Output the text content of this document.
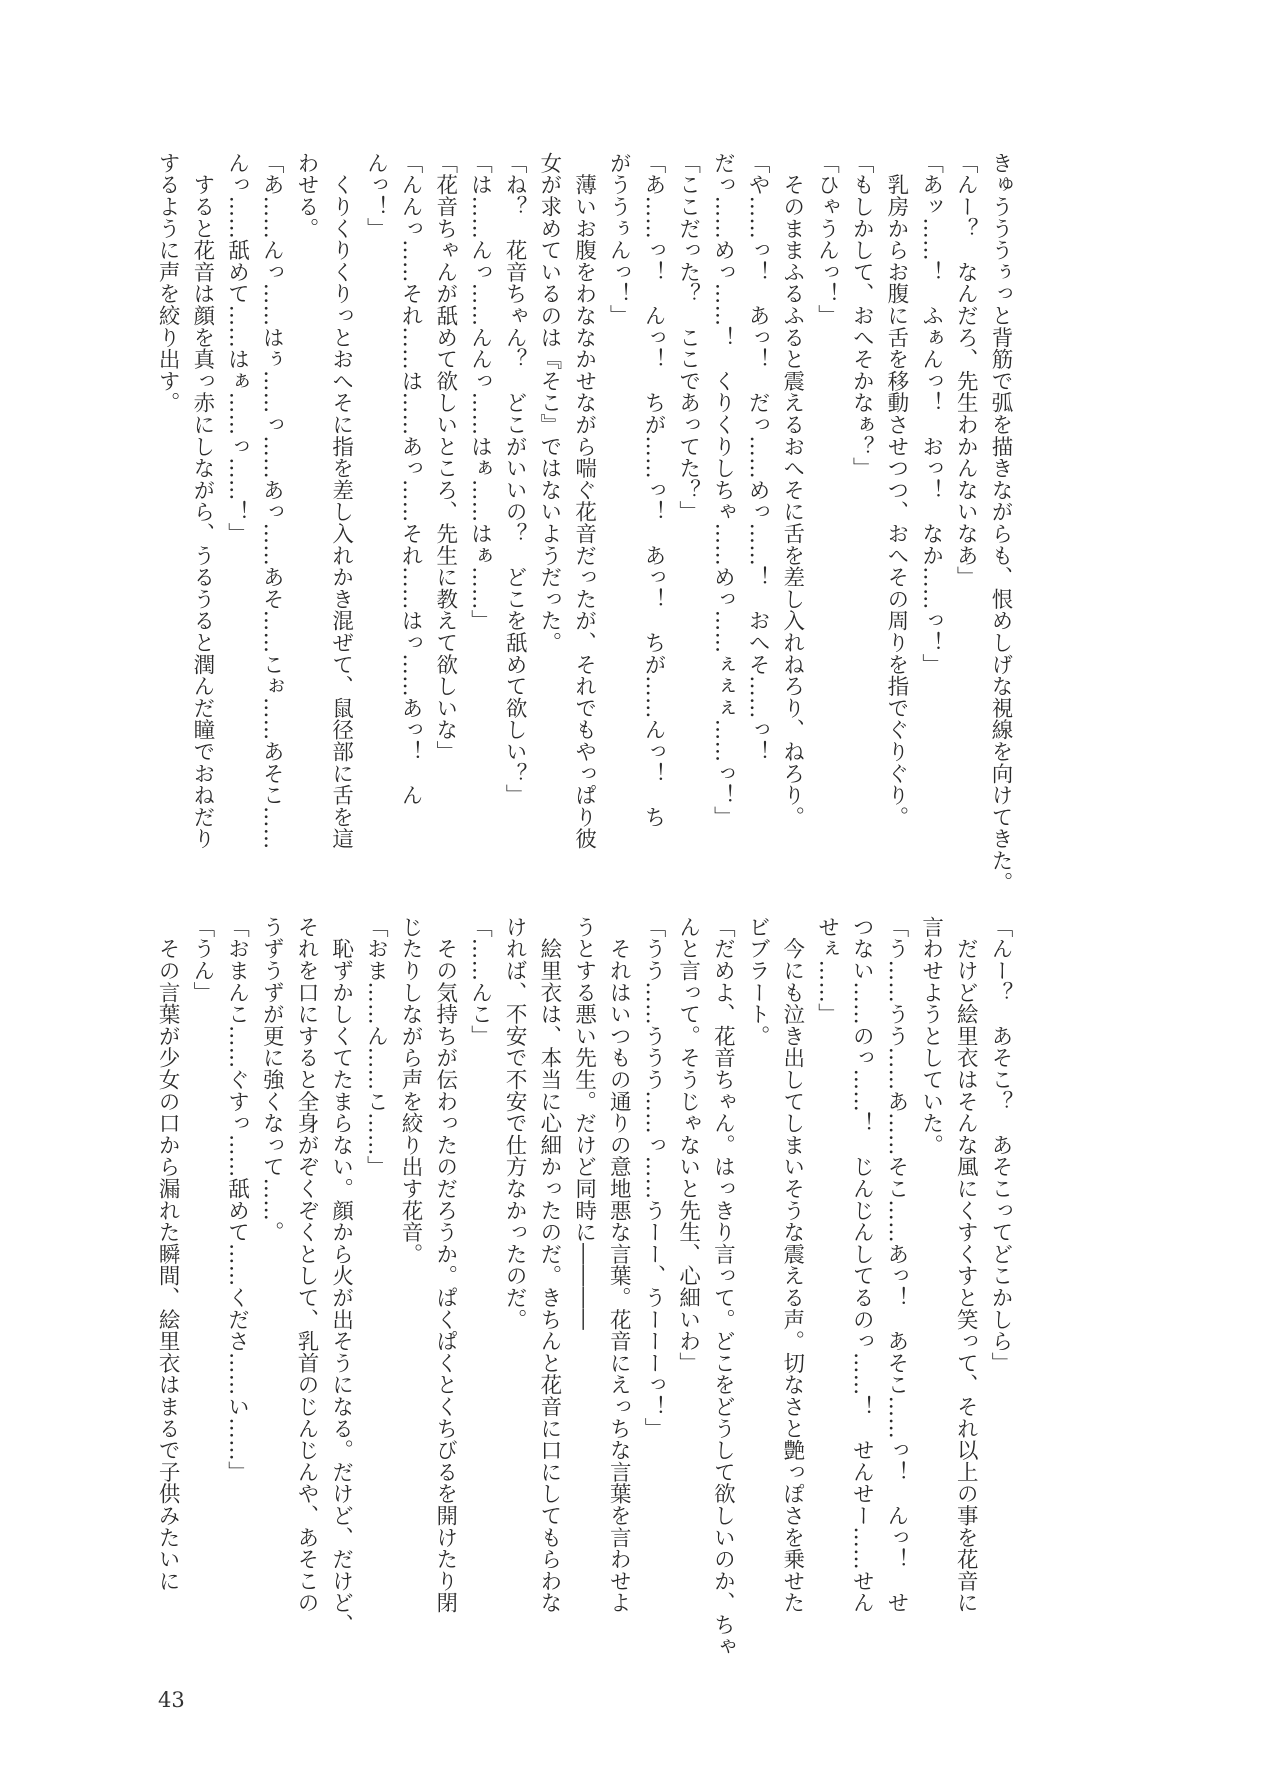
きゅうううぅっと背筋で弧を描きながらも、恨めしげな視線を向けてきた。
「んー？　なんだろ、先生わかんないなあ」
「あッ……！　ふぁんっ！　おっ！　なか……っ！」
　乳房からお腹に舌を移動させつつ、おへその周りを指でぐりぐり。
「もしかして、おへそかなぁ？」
「ひゃうんっ！」
　そのままふるふると震えるおへそに舌を差し入れねろり、ねろり。
「や……っ！　あっ！　だっ……めっ……！　おへそ……っ！
だっ……めっ……！　くりくりしちゃ……めっ……ぇぇぇ……っ！」
「ここだった？　ここであってた？」
「あ……っ！　んっ！　ちが……っ！　あっ！　ちが……んっ！　ち
がううぅんっ！」
　薄いお腹をわななかせながら喘ぐ花音だったが、それでもやっぱり彼
女が求めているのは『そこ』ではないようだった。
「ね？　花音ちゃん？　どこがいいの？　どこを舐めて欲しい？」
「は……んっ……んんっ……はぁ……はぁ……」
「花音ちゃんが舐めて欲しいところ、先生に教えて欲しいな」
「んんっ……それ……は……あっ……それ……はっ……あっ！　ん
んっ！」
　くりくりくりっとおへそに指を差し入れかき混ぜて、鼠径部に舌を這
わせる。
「あ……んっ……はぅ……っ……あっ……あそ……こぉ……あそこ……
んっ……舐めて……はぁ……っ……！」
　すると花音は顔を真っ赤にしながら、うるうると潤んだ瞳でおねだり
するように声を絞り出す。
「んー？　あそこ？　あそこってどこかしら」
　だけど絵里衣はそんな風にくすくすと笑って、それ以上の事を花音に
言わせようとしていた。
「う……うう……あ……そこ……あっ！　あそこ……っ！　んっ！　せ
つない……のっ……！　じんじんしてるのっ……！　せんせー……せん
せぇ……」
　今にも泣き出してしまいそうな震える声。切なさと艶っぽさを乗せた
ビブラート。
「だめよ、花音ちゃん。はっきり言って。どこをどうして欲しいのか、ちゃ
んと言って。そうじゃないと先生、心細いわ」
「うう……ううう……っ……うーー、うーーーっ！」
　それはいつもの通りの意地悪な言葉。花音にえっちな言葉を言わせよ
うとする悪い先生。だけど同時に――――
　絵里衣は、本当に心細かったのだ。きちんと花音に口にしてもらわな
ければ、不安で不安で仕方なかったのだ。
「……んこ」
　その気持ちが伝わったのだろうか。ぱくぱくとくちびるを開けたり閉
じたりしながら声を絞り出す花音。
「おま……ん……こ……」
　恥ずかしくてたまらない。顔から火が出そうになる。だけど、だけど、
それを口にすると全身がぞくぞくとして、乳首のじんじんや、あそこの
うずうずが更に強くなって……。
「おまんこ……ぐすっ……舐めて……くださ……い……」
「うん」
　その言葉が少女の口から漏れた瞬間、絵里衣はまるで子供みたいに
43
